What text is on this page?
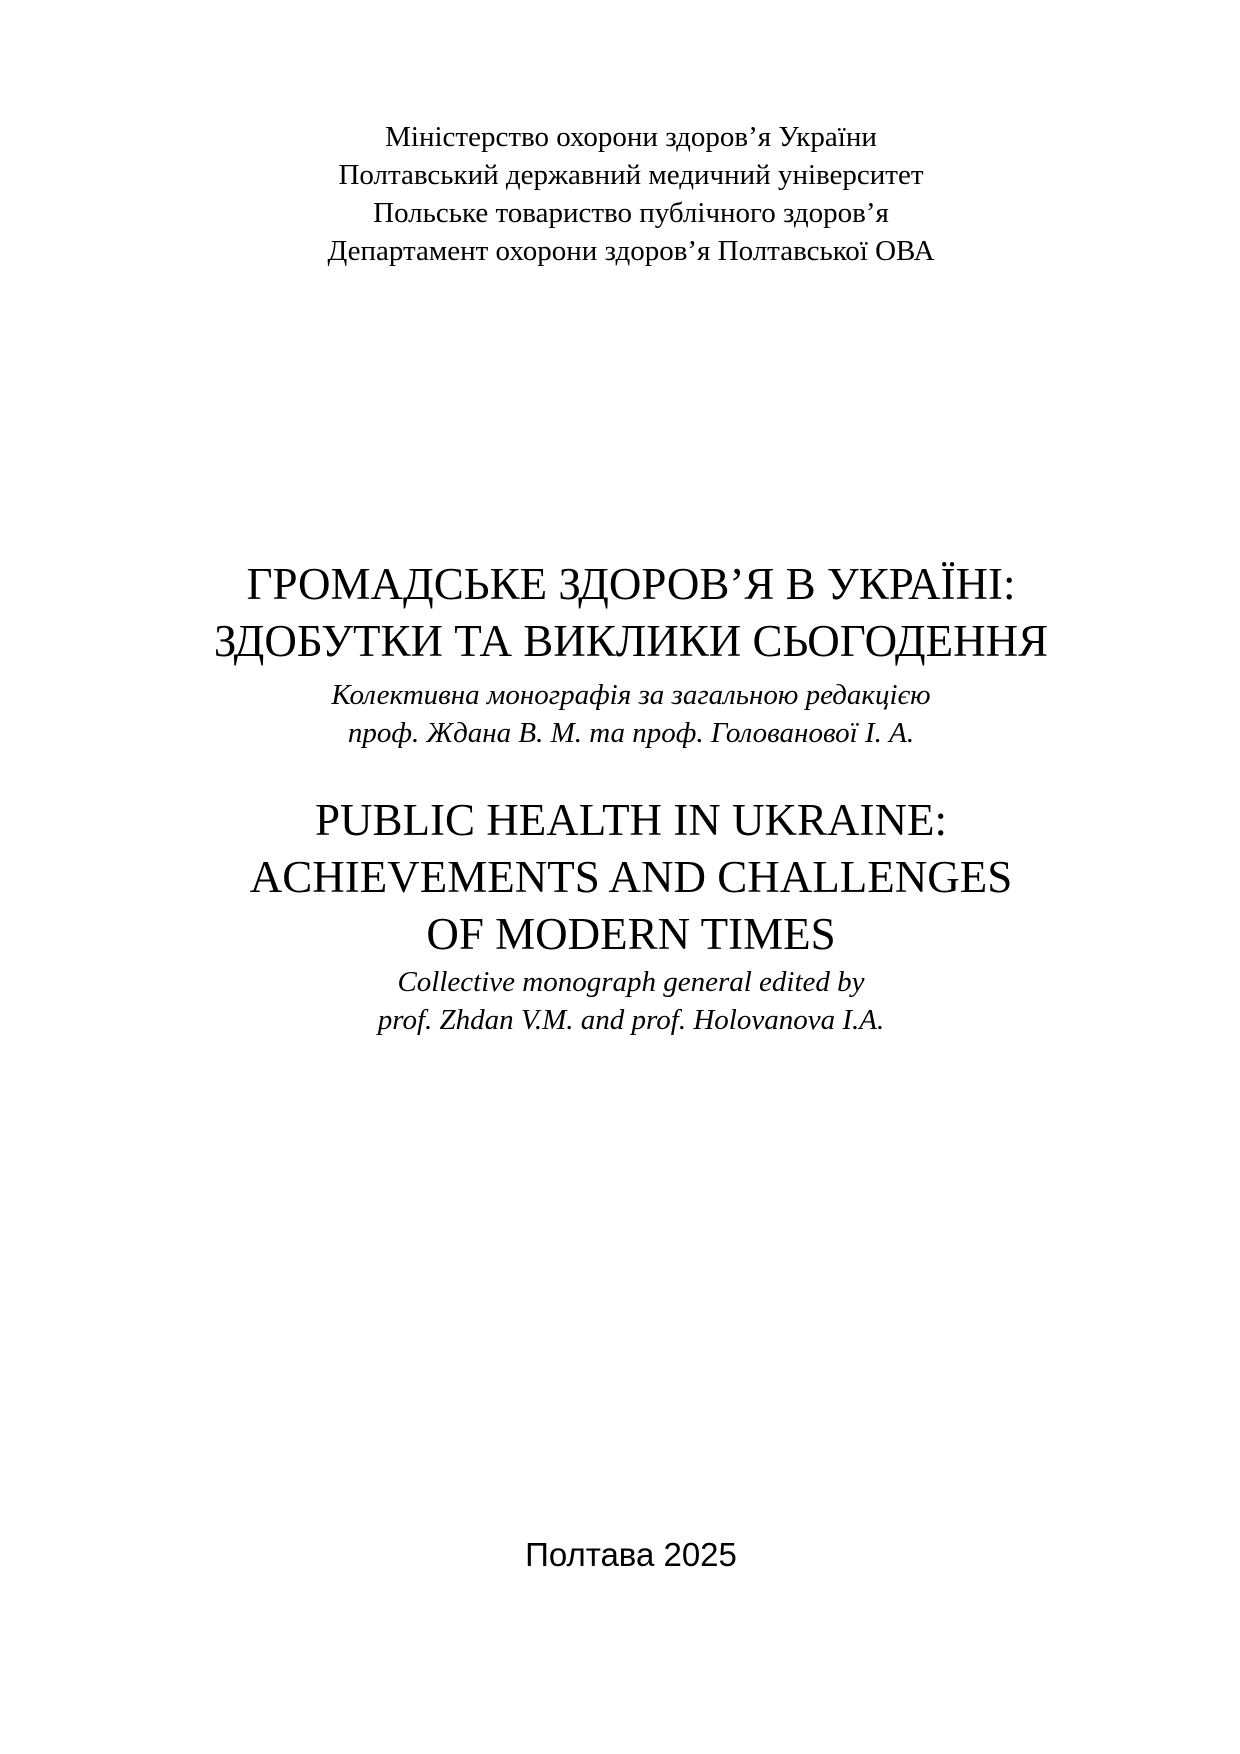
Міністерство охорони здоров’я України
Полтавський державний медичний університет
Польське товариство публічного здоров’я
Департамент охорони здоров’я Полтавської ОВА
ГРОМАДСЬКЕ ЗДОРОВ’Я В УКРАЇНІ:
ЗДОБУТКИ ТА ВИКЛИКИ СЬОГОДЕННЯ
Колективна монографія за загальною редакцією
проф. Ждана В. М. та проф. Голованової І. А.
PUBLIC HEALTH IN UKRAINE:
ACHIEVEMENTS AND CHALLENGES
OF MODERN TIMES
Collective monograph general edited by
prof. Zhdan V.M. and prof. Holovanova I.A.
Полтава 2025
